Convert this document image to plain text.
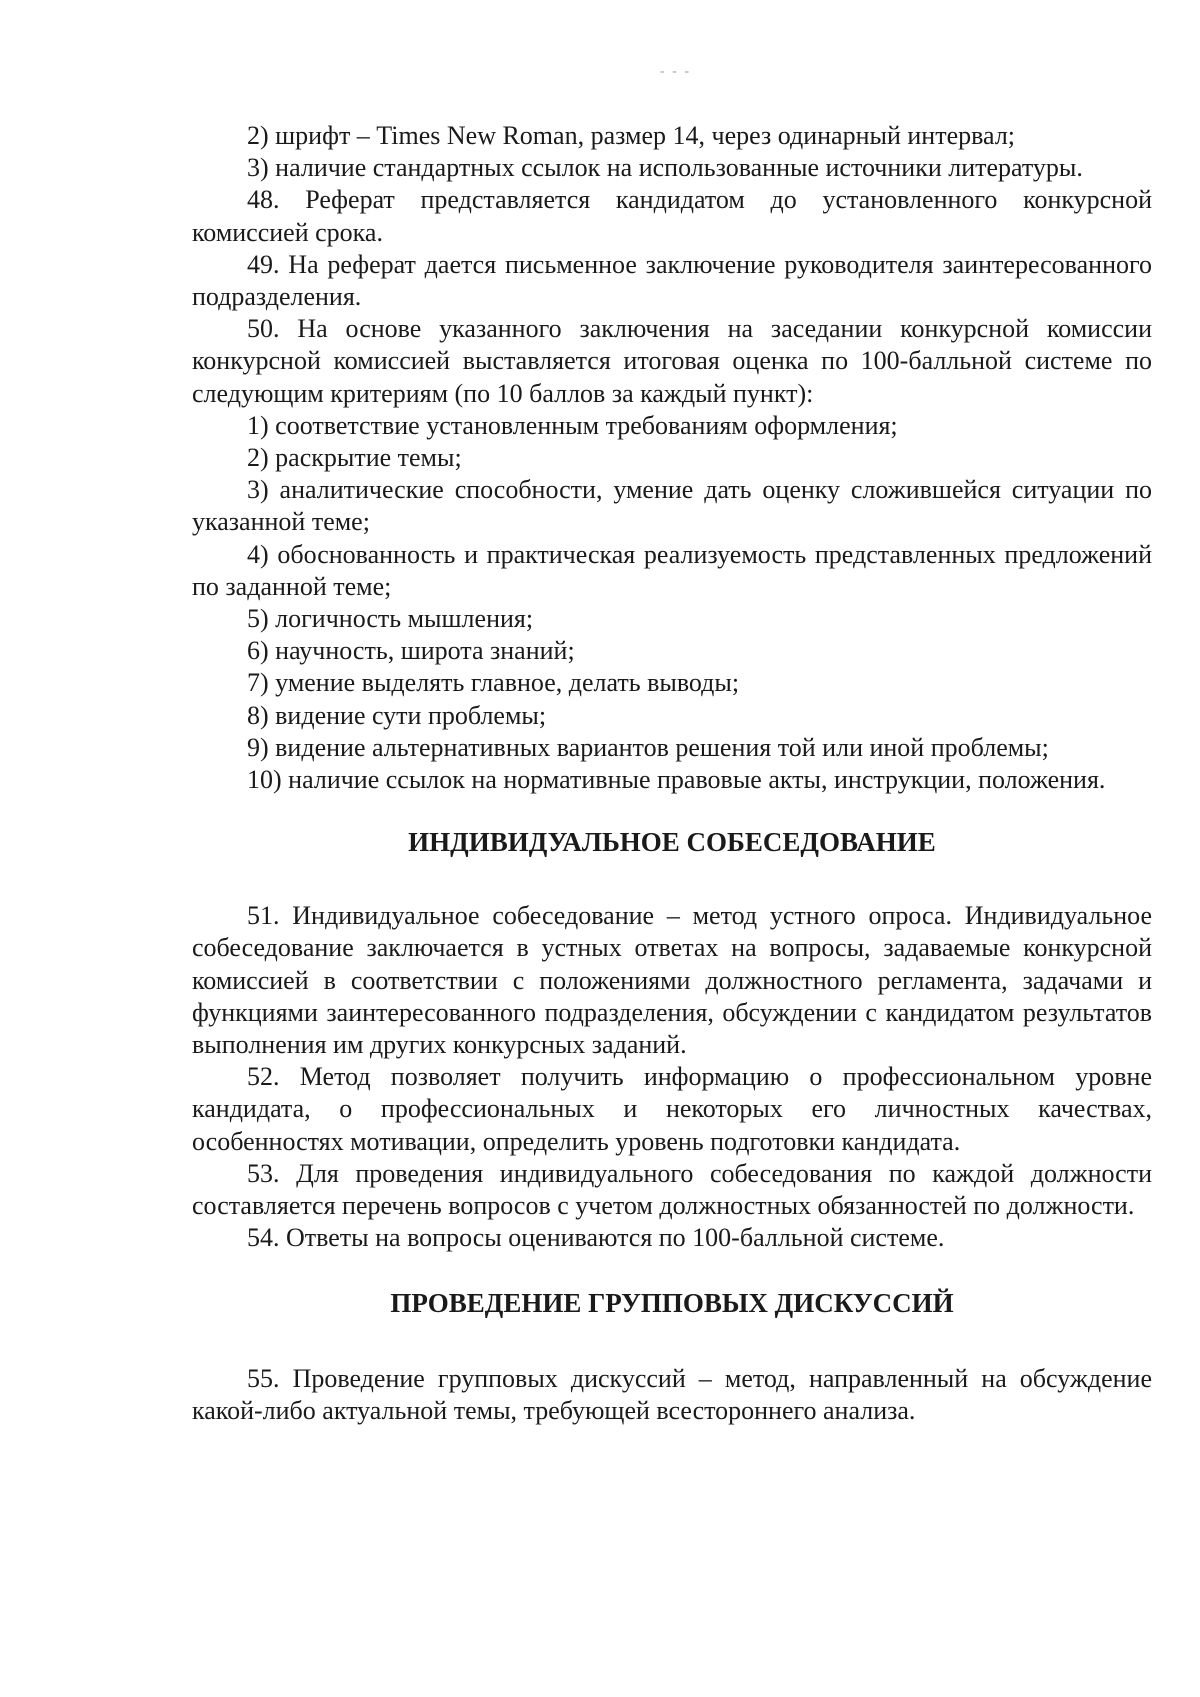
- - -

2) шрифт – Times New Roman, размер 14, через одинарный интервал;

3) наличие стандартных ссылок на использованные источники литературы.

48. Реферат представляется кандидатом до установленного конкурсной комиссией срока.

49. На реферат дается письменное заключение руководителя заинтересованного подразделения.

50. На основе указанного заключения на заседании конкурсной комиссии конкурсной комиссией выставляется итоговая оценка по 100-балльной системе по следующим критериям (по 10 баллов за каждый пункт):

1) соответствие установленным требованиям оформления;

2) раскрытие темы;

3) аналитические способности, умение дать оценку сложившейся ситуации по указанной теме;

4) обоснованность и практическая реализуемость представленных предложений по заданной теме;

5) логичность мышления;

6) научность, широта знаний;

7) умение выделять главное, делать выводы;

8) видение сути проблемы;

9) видение альтернативных вариантов решения той или иной проблемы;

10) наличие ссылок на нормативные правовые акты, инструкции, положения.

ИНДИВИДУАЛЬНОЕ СОБЕСЕДОВАНИЕ

51. Индивидуальное собеседование – метод устного опроса. Индивидуальное собеседование заключается в устных ответах на вопросы, задаваемые конкурсной комиссией в соответствии с положениями должностного регламента, задачами и функциями заинтересованного подразделения, обсуждении с кандидатом результатов выполнения им других конкурсных заданий.

52. Метод позволяет получить информацию о профессиональном уровне кандидата, о профессиональных и некоторых его личностных качествах, особенностях мотивации, определить уровень подготовки кандидата.

53. Для проведения индивидуального собеседования по каждой должности составляется перечень вопросов с учетом должностных обязанностей по должности.

54. Ответы на вопросы оцениваются по 100-балльной системе.

ПРОВЕДЕНИЕ ГРУППОВЫХ ДИСКУССИЙ

55. Проведение групповых дискуссий – метод, направленный на обсуждение какой-либо актуальной темы, требующей всестороннего анализа.
